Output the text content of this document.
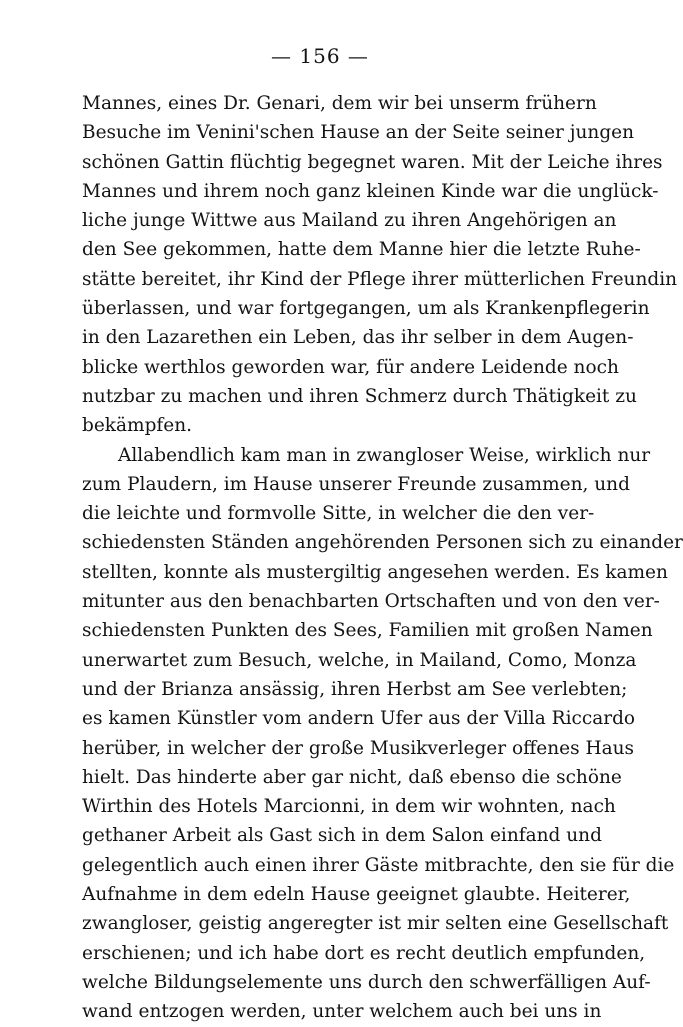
— 156 —
Mannes, eines Dr. Genari, dem wir bei unserm frühern
Besuche im Venini'schen Hause an der Seite seiner jungen
schönen Gattin flüchtig begegnet waren. Mit der Leiche ihres
Mannes und ihrem noch ganz kleinen Kinde war die unglück-
liche junge Wittwe aus Mailand zu ihren Angehörigen an
den See gekommen, hatte dem Manne hier die letzte Ruhe-
stätte bereitet, ihr Kind der Pflege ihrer mütterlichen Freundin
überlassen, und war fortgegangen, um als Krankenpflegerin
in den Lazarethen ein Leben, das ihr selber in dem Augen-
blicke werthlos geworden war, für andere Leidende noch
nutzbar zu machen und ihren Schmerz durch Thätigkeit zu
bekämpfen.
Allabendlich kam man in zwangloser Weise, wirklich nur
zum Plaudern, im Hause unserer Freunde zusammen, und
die leichte und formvolle Sitte, in welcher die den ver-
schiedensten Ständen angehörenden Personen sich zu einander
stellten, konnte als mustergiltig angesehen werden. Es kamen
mitunter aus den benachbarten Ortschaften und von den ver-
schiedensten Punkten des Sees, Familien mit großen Namen
unerwartet zum Besuch, welche, in Mailand, Como, Monza
und der Brianza ansässig, ihren Herbst am See verlebten;
es kamen Künstler vom andern Ufer aus der Villa Riccardo
herüber, in welcher der große Musikverleger offenes Haus
hielt. Das hinderte aber gar nicht, daß ebenso die schöne
Wirthin des Hotels Marcionni, in dem wir wohnten, nach
gethaner Arbeit als Gast sich in dem Salon einfand und
gelegentlich auch einen ihrer Gäste mitbrachte, den sie für die
Aufnahme in dem edeln Hause geeignet glaubte. Heiterer,
zwangloser, geistig angeregter ist mir selten eine Gesellschaft
erschienen; und ich habe dort es recht deutlich empfunden,
welche Bildungselemente uns durch den schwerfälligen Auf-
wand entzogen werden, unter welchem auch bei uns in
